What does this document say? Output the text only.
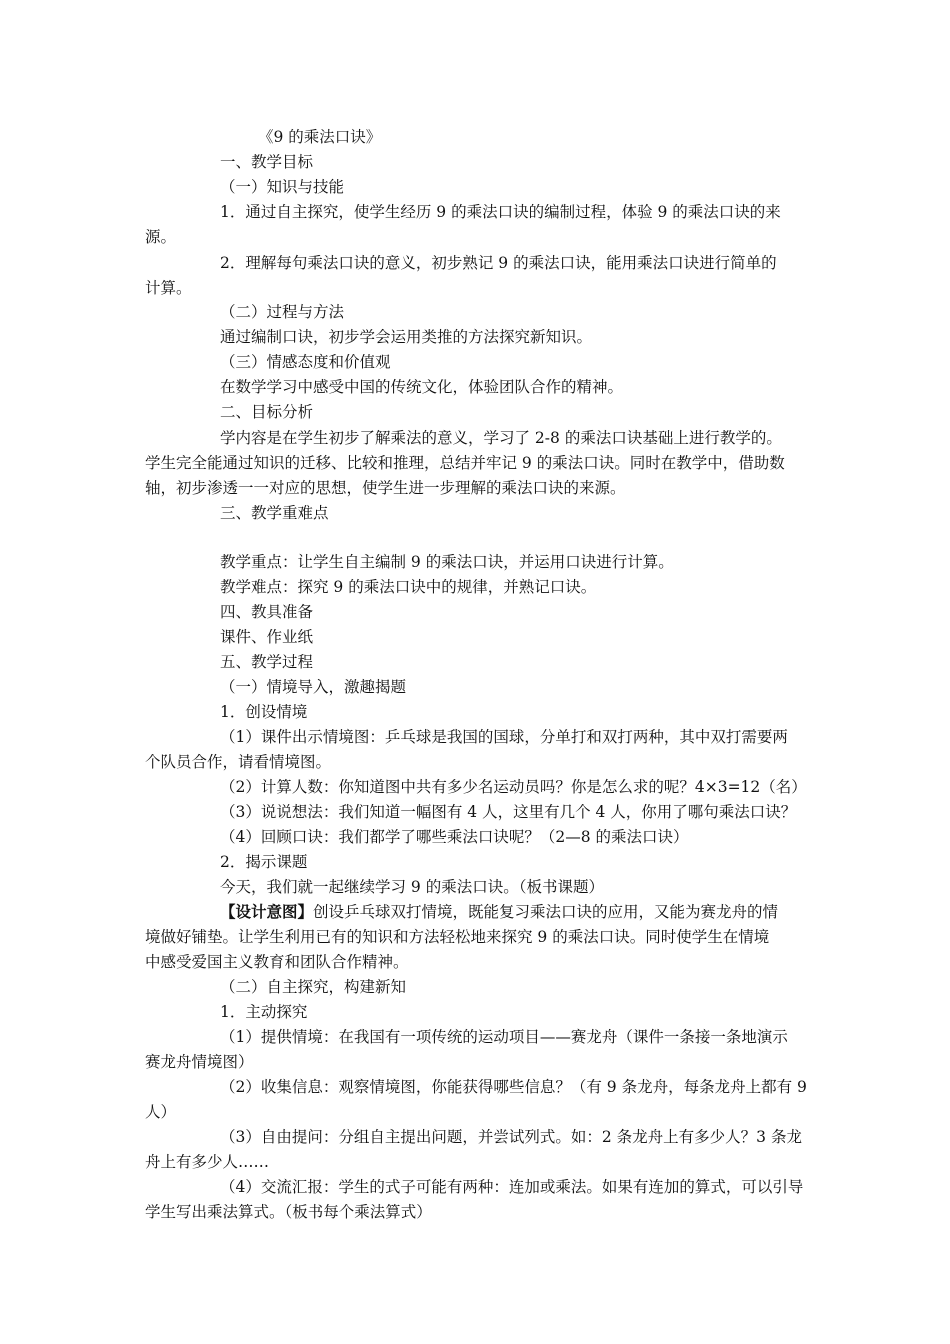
《9 的乘法口诀》
一、教学目标
（一）知识与技能
1．通过自主探究，使学生经历 9 的乘法口诀的编制过程，体验 9 的乘法口诀的来
源。
2．理解每句乘法口诀的意义，初步熟记 9 的乘法口诀，能用乘法口诀进行简单的
计算。
（二）过程与方法
通过编制口诀，初步学会运用类推的方法探究新知识。
（三）情感态度和价值观
在数学学习中感受中国的传统文化，体验团队合作的精神。
二、目标分析
学内容是在学生初步了解乘法的意义，学习了 2-8 的乘法口诀基础上进行教学的。
学生完全能通过知识的迁移、比较和推理，总结并牢记 9 的乘法口诀。同时在教学中，借助数
轴，初步渗透一一对应的思想，使学生进一步理解的乘法口诀的来源。
三、教学重难点
教学重点：让学生自主编制 9 的乘法口诀，并运用口诀进行计算。
教学难点：探究 9 的乘法口诀中的规律，并熟记口诀。
四、教具准备
课件、作业纸
五、教学过程
（一）情境导入，激趣揭题
1．创设情境
（1）课件出示情境图：乒乓球是我国的国球，分单打和双打两种，其中双打需要两
个队员合作，请看情境图。
（2）计算人数：你知道图中共有多少名运动员吗？你是怎么求的呢？4×3=12（名）
（3）说说想法：我们知道一幅图有 4 人，这里有几个 4 人，你用了哪句乘法口诀？
（4）回顾口诀：我们都学了哪些乘法口诀呢？（2—8 的乘法口诀）
2．揭示课题
今天，我们就一起继续学习 9 的乘法口诀。（板书课题）
【设计意图】创设乒乓球双打情境，既能复习乘法口诀的应用，又能为赛龙舟的情
境做好铺垫。让学生利用已有的知识和方法轻松地来探究 9 的乘法口诀。同时使学生在情境
中感受爱国主义教育和团队合作精神。
（二）自主探究，构建新知
1．主动探究
（1）提供情境：在我国有一项传统的运动项目——赛龙舟（课件一条接一条地演示
赛龙舟情境图）
（2）收集信息：观察情境图，你能获得哪些信息？（有 9 条龙舟，每条龙舟上都有 9
人）
（3）自由提问：分组自主提出问题，并尝试列式。如：2 条龙舟上有多少人？3 条龙
舟上有多少人……
（4）交流汇报：学生的式子可能有两种：连加或乘法。如果有连加的算式，可以引导
学生写出乘法算式。（板书每个乘法算式）
